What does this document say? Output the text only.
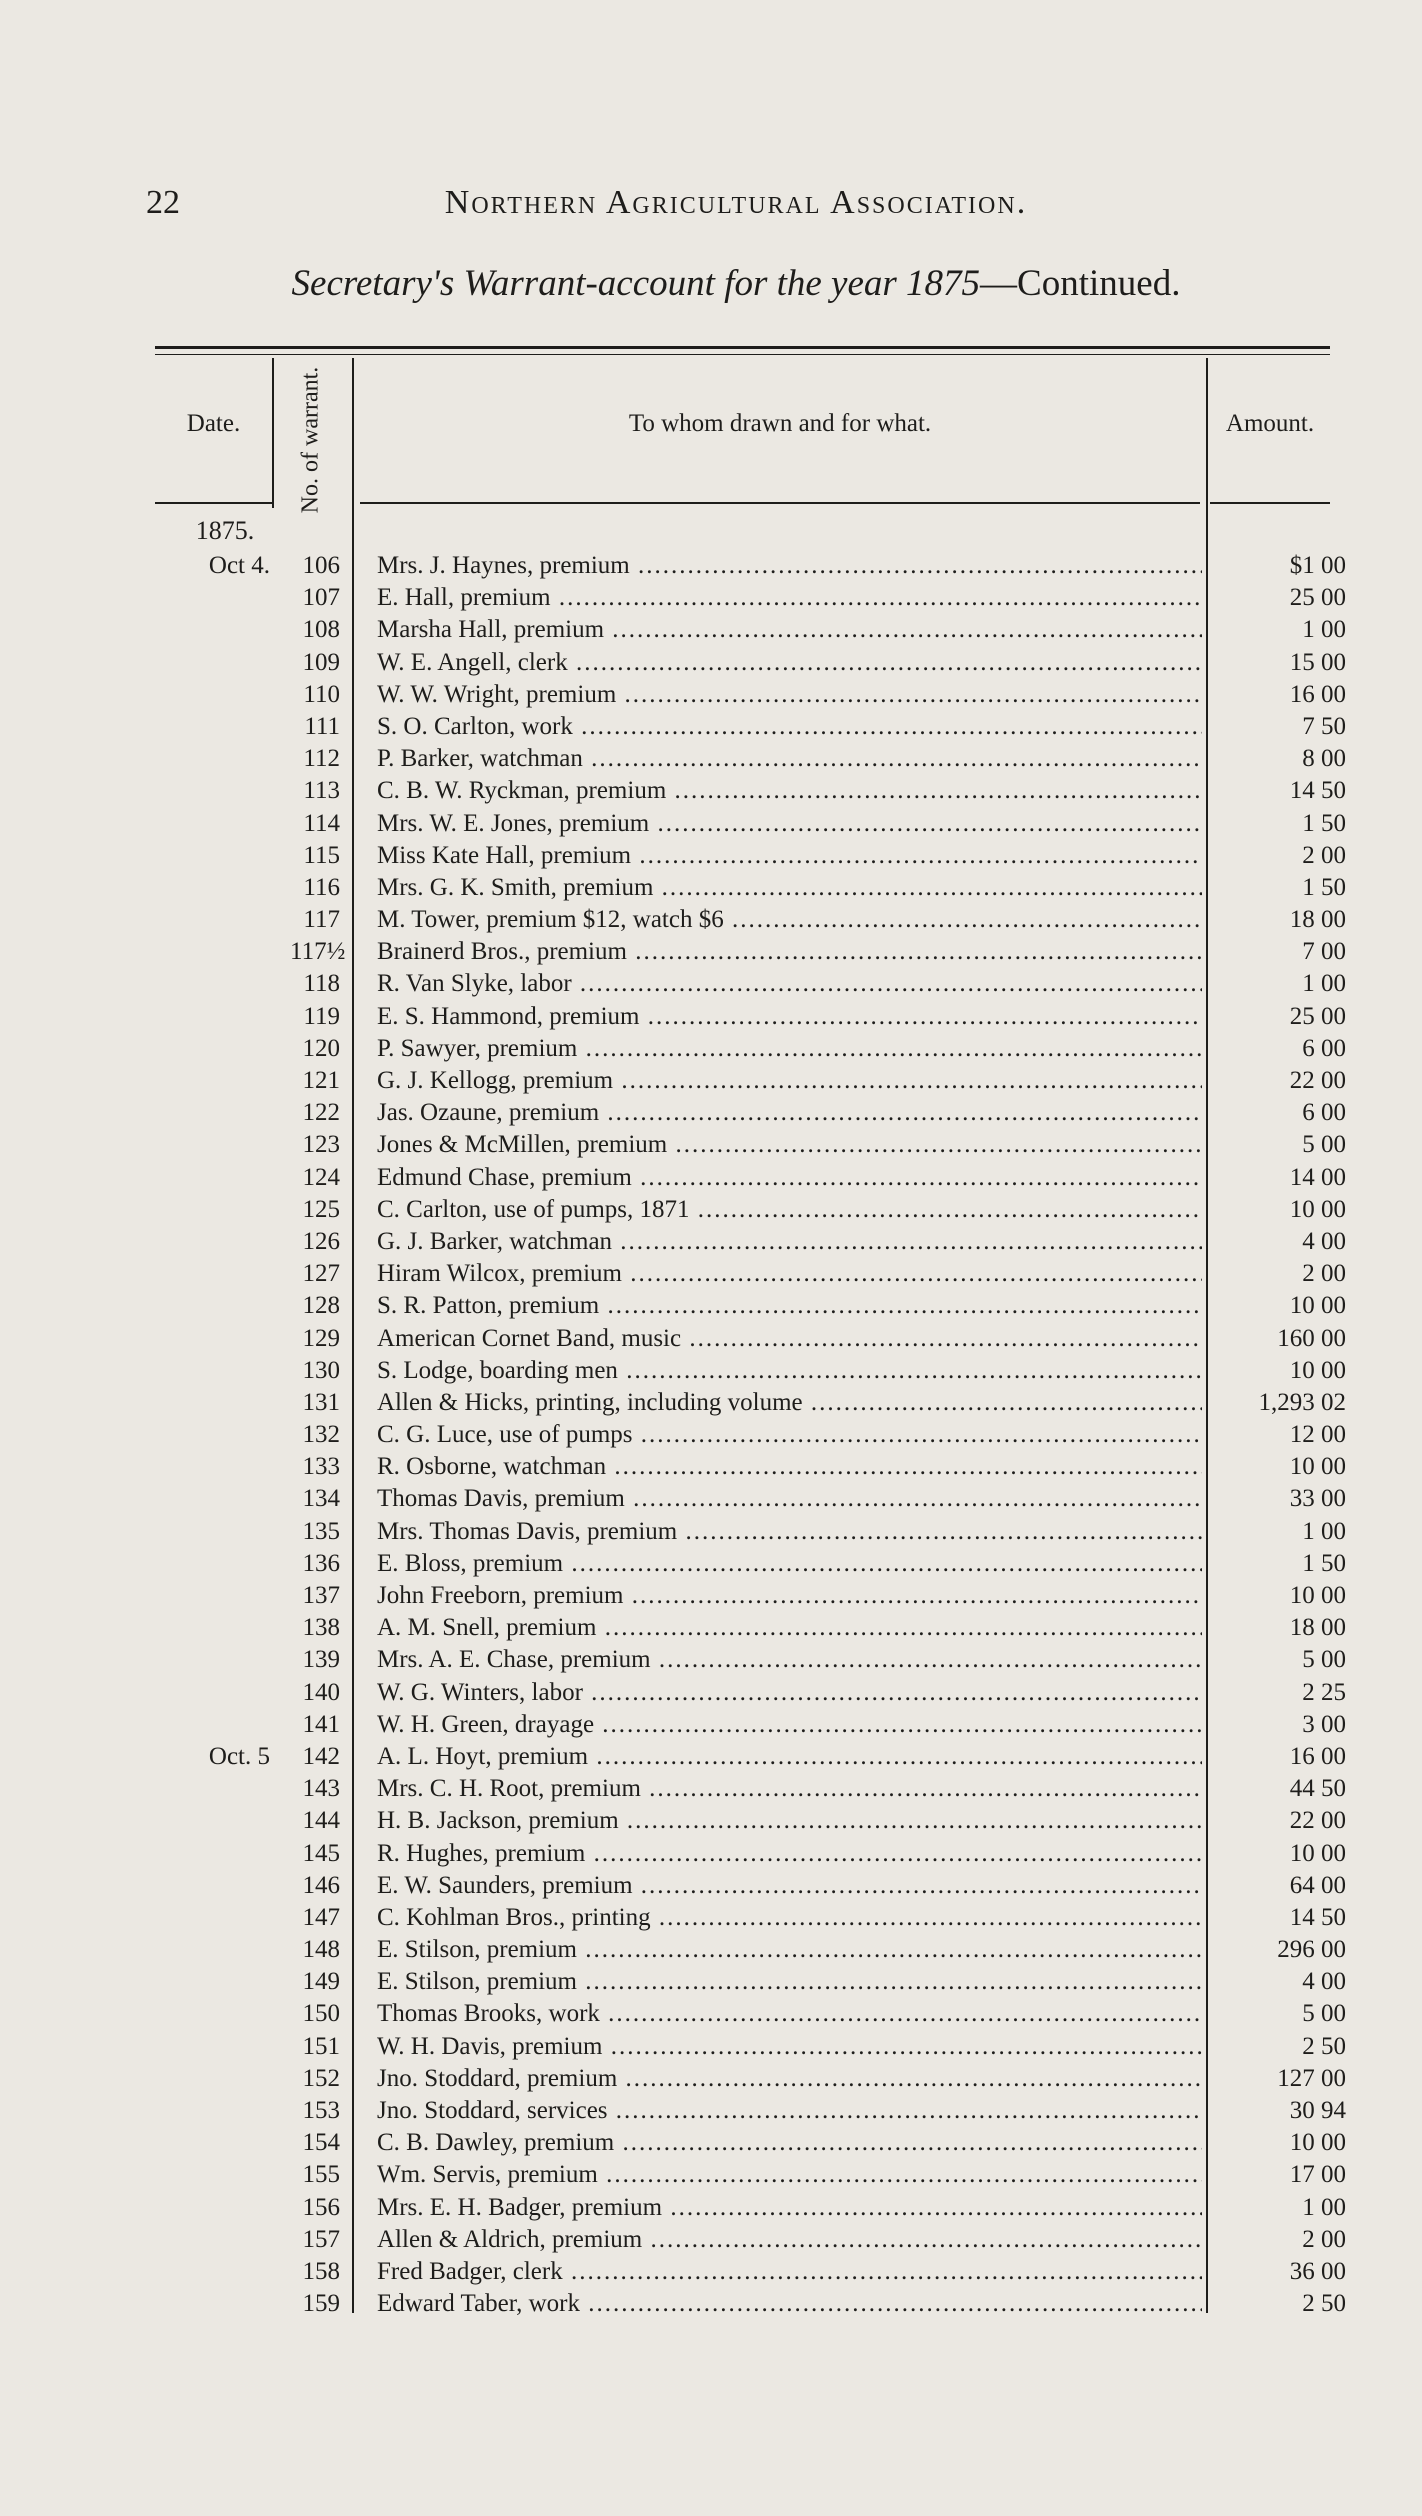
22	Northern Agricultural Association.
Secretary's Warrant-account for the year 1875—Continued.
Date.	No. of warrant.	To whom drawn and for what.	Amount.
1875.
Oct 4.	106 Mrs. J. Haynes, premium .....	$1 00
107 E. Hall, premium .....	25 00
108 Marsha Hall, premium .....	1 00
109 W. E. Angell, clerk .....	15 00
110 W. W. Wright, premium .....	16 00
111 S. O. Carlton, work .....	7 50
112 P. Barker, watchman .....	8 00
113 C. B. W. Ryckman, premium .....	14 50
114 Mrs. W. E. Jones, premium .....	1 50
115 Miss Kate Hall, premium .....	2 00
116 Mrs. G. K. Smith, premium .....	1 50
117 M. Tower, premium $12, watch $6 .....	18 00
117½ Brainerd Bros., premium .....	7 00
118 R. Van Slyke, labor .....	1 00
119 E. S. Hammond, premium .....	25 00
120 P. Sawyer, premium .....	6 00
121 G. J. Kellogg, premium .....	22 00
122 Jas. Ozaune, premium .....	6 00
123 Jones & McMillen, premium .....	5 00
124 Edmund Chase, premium .....	14 00
125 C. Carlton, use of pumps, 1871 .....	10 00
126 G. J. Barker, watchman .....	4 00
127 Hiram Wilcox, premium .....	2 00
128 S. R. Patton, premium .....	10 00
129 American Cornet Band, music .....	160 00
130 S. Lodge, boarding men .....	10 00
131 Allen & Hicks, printing, including volume .....	1,293 02
132 C. G. Luce, use of pumps .....	12 00
133 R. Osborne, watchman .....	10 00
134 Thomas Davis, premium .....	33 00
135 Mrs. Thomas Davis, premium .....	1 00
136 E. Bloss, premium .....	1 50
137 John Freeborn, premium .....	10 00
138 A. M. Snell, premium .....	18 00
139 Mrs. A. E. Chase, premium .....	5 00
140 W. G. Winters, labor .....	2 25
141 W. H. Green, drayage .....	3 00
Oct. 5	142 A. L. Hoyt, premium .....	16 00
143 Mrs. C. H. Root, premium .....	44 50
144 H. B. Jackson, premium .....	22 00
145 R. Hughes, premium .....	10 00
146 E. W. Saunders, premium .....	64 00
147 C. Kohlman Bros., printing .....	14 50
148 E. Stilson, premium .....	296 00
149 E. Stilson, premium .....	4 00
150 Thomas Brooks, work .....	5 00
151 W. H. Davis, premium .....	2 50
152 Jno. Stoddard, premium .....	127 00
153 Jno. Stoddard, services .....	30 94
154 C. B. Dawley, premium .....	10 00
155 Wm. Servis, premium .....	17 00
156 Mrs. E. H. Badger, premium .....	1 00
157 Allen & Aldrich, premium .....	2 00
158 Fred Badger, clerk .....	36 00
159 Edward Taber, work .....	2 50
